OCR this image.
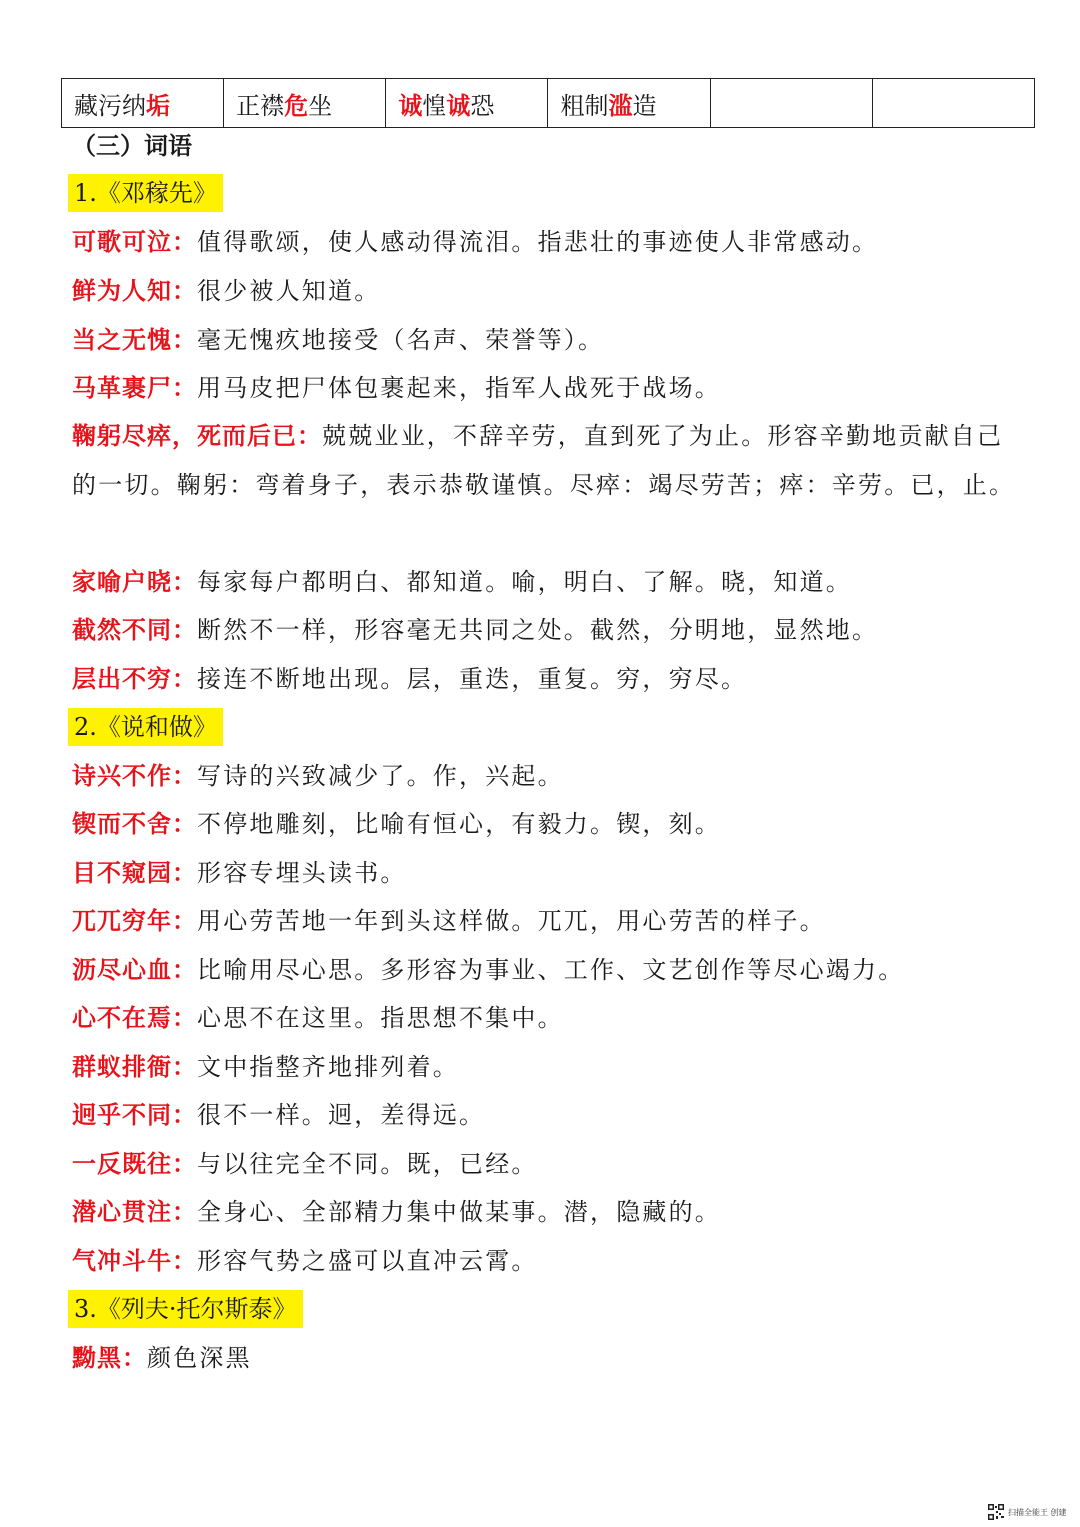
藏污纳垢	正襟危坐	诚惶诚恐	粗制滥造		
（三）词语
1.《邓稼先》
可歌可泣：值得歌颂，使人感动得流泪。指悲壮的事迹使人非常感动。
鲜为人知：很少被人知道。
当之无愧：毫无愧疚地接受（名声、荣誉等）。
马革裹尸：用马皮把尸体包裹起来，指军人战死于战场。
鞠躬尽瘁，死而后已：兢兢业业，不辞辛劳，直到死了为止。形容辛勤地贡献自己的一切。鞠躬：弯着身子，表示恭敬谨慎。尽瘁：竭尽劳苦；瘁：辛劳。已，止。
家喻户晓：每家每户都明白、都知道。喻，明白、了解。晓，知道。
截然不同：断然不一样，形容毫无共同之处。截然，分明地，显然地。
层出不穷：接连不断地出现。层，重迭，重复。穷，穷尽。
2.《说和做》
诗兴不作：写诗的兴致减少了。作，兴起。
锲而不舍：不停地雕刻，比喻有恒心，有毅力。锲，刻。
目不窥园：形容专埋头读书。
兀兀穷年：用心劳苦地一年到头这样做。兀兀，用心劳苦的样子。
沥尽心血：比喻用尽心思。多形容为事业、工作、文艺创作等尽心竭力。
心不在焉：心思不在这里。指思想不集中。
群蚁排衙：文中指整齐地排列着。
迥乎不同：很不一样。迥，差得远。
一反既往：与以往完全不同。既，已经。
潜心贯注：全身心、全部精力集中做某事。潜，隐藏的。
气冲斗牛：形容气势之盛可以直冲云霄。
3.《列夫·托尔斯泰》
黝黑：颜色深黑
扫描全能王 创建
